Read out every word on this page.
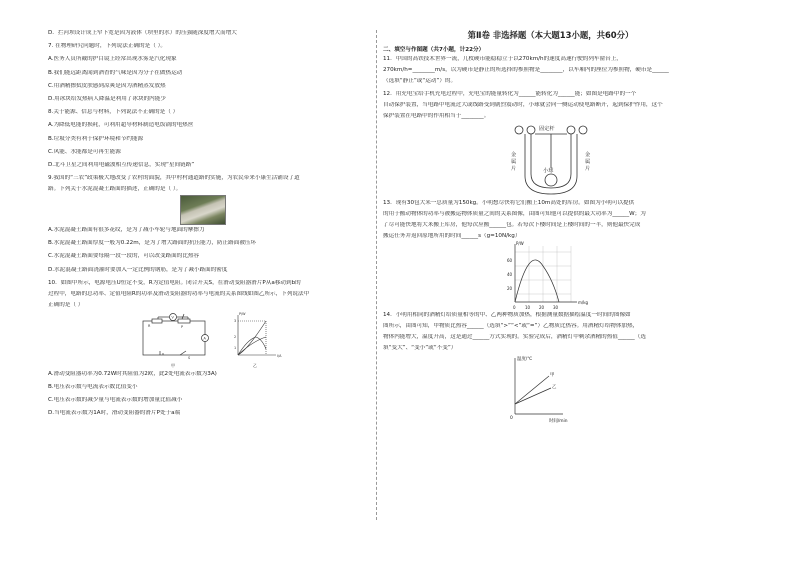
D．拦河坝设计成上窄下宽是因为液体（坝里的水）的压强随深度增大而增大
7. 在物理研究问题时，下列说法正确的是（ ）。
A.医务人员所戴的护目镜上经常出现水雾是汽化现象
B.我们能远距离闻到酒香的气味是因为分子在做热运动
C.用酒精擦拭皮肤感到凉爽是因为酒精蒸发放热
D.用冰块给发热病人降温是利用了冰块的内能少
8.关于能源、信息与材料，下列说法不正确的是（ ）
A.为降低电能的损耗，可利用超导材料制造电饭锅的电热丝
B.垃圾分类有利于保护环境和节约能源
C.风能、水能都是可再生能源
D.北斗卫星之间利用电磁波相互传递信息，实现“星间链路”
9.我国的“三农”政策极大地改变了农村的面貌，其中村村通道路的实施，为农民带来小康生活铺设了道
路。下列关于水泥混凝土路面的描述，正确的是（ ）。
A.水泥混凝土路面有很多花纹，是为了减小车轮与地面的摩擦力
B.水泥混凝土路面厚度一般为0.22m，是为了增大路面的抗压能力，防止路面被压坏
C.水泥混凝土路面要每隔一段一段的，可以改变路面的比热容
D.水泥混凝土路面浇灌时要加入一定比例的钢筋，是为了减小路面的密度
10．如图甲所示，电源电压U恒定不变，R为定值电阻。闭合开关S，在滑动变阻器滑片P从a移动到b的
过程中，电路的总功率、定值电阻R的功率及滑动变阻器的功率与电流的关系图线如图乙所示，下列说法中
正确的是（ ）
V
A
R	P
S
甲
P/W
I/A
3
2
1
乙
A.滑动变阻器功率为0.72W时其阻值为2欧，此2处电流表示数为3A)
B.电压表示数与电流表示数比值变小
C.电压表示数的减少量与电流表示数的增加量比值减小
D.当电流表示数为1A时，滑动变阻器的滑片P处于a端
第Ⅱ卷 非选择题（本大题13小题，共60分）
二、填空与作图题（共7小题，计22分）
11．中国的高铁技术世界一流，几枚硬币能稳稳立于以270km/h的速度高速行驶的列车窗台上，
270km/h=________m/s，以为硬币是静止的所选择的参照物是________，以车厢内的座位为参照物，硬币是______
（选填“静止”或“运动”）的。
12．用充电宝给手机充电过程中，充电宝的能量转化为______能转化为______能；如图是电路中的一个
自动保护装置，当电路中电流过大或线路受到剧烈震动时，小球就会向一侧运动使电路断开，起到保护作用，这个
保护装置在电路中的作用相当于________。
固定杆
小球
金
属
片
金
属
片
13．现有30包大米一总质量为150kg。小明想尽快将它们搬上10m高处的库房。如图为小明可以提供
的用于搬动物体的功率与被搬运物体质量之间的关系图像，由图可知他可以提供的最大功率为______W；为
了尽可能快地将大米搬上库房，他每次应搬______包。若每次下楼时间是上楼时间的一半，则他最快完成
搬运任务并返回原地所用的时间______s（g=10N/kg）
P/W
m/kg
20
40
60
0 10 20 30
14．小明用相同的酒精灯给质量相等的甲、乙两种物质加热，根据测量数据描绘温度一时间的图像如
图所示，由图可知，甲物质比热容______（选填“>”“<”或“=”）乙物质比热容。用酒精灯给物体加热，
物体内能增大，温度升高，这是通过______方式实现的。实验完成后，酒精灯中剩余酒精的热值______（选
填“变大”、“变小”或“不变”）
温度/℃
时间/min
0
甲
乙
